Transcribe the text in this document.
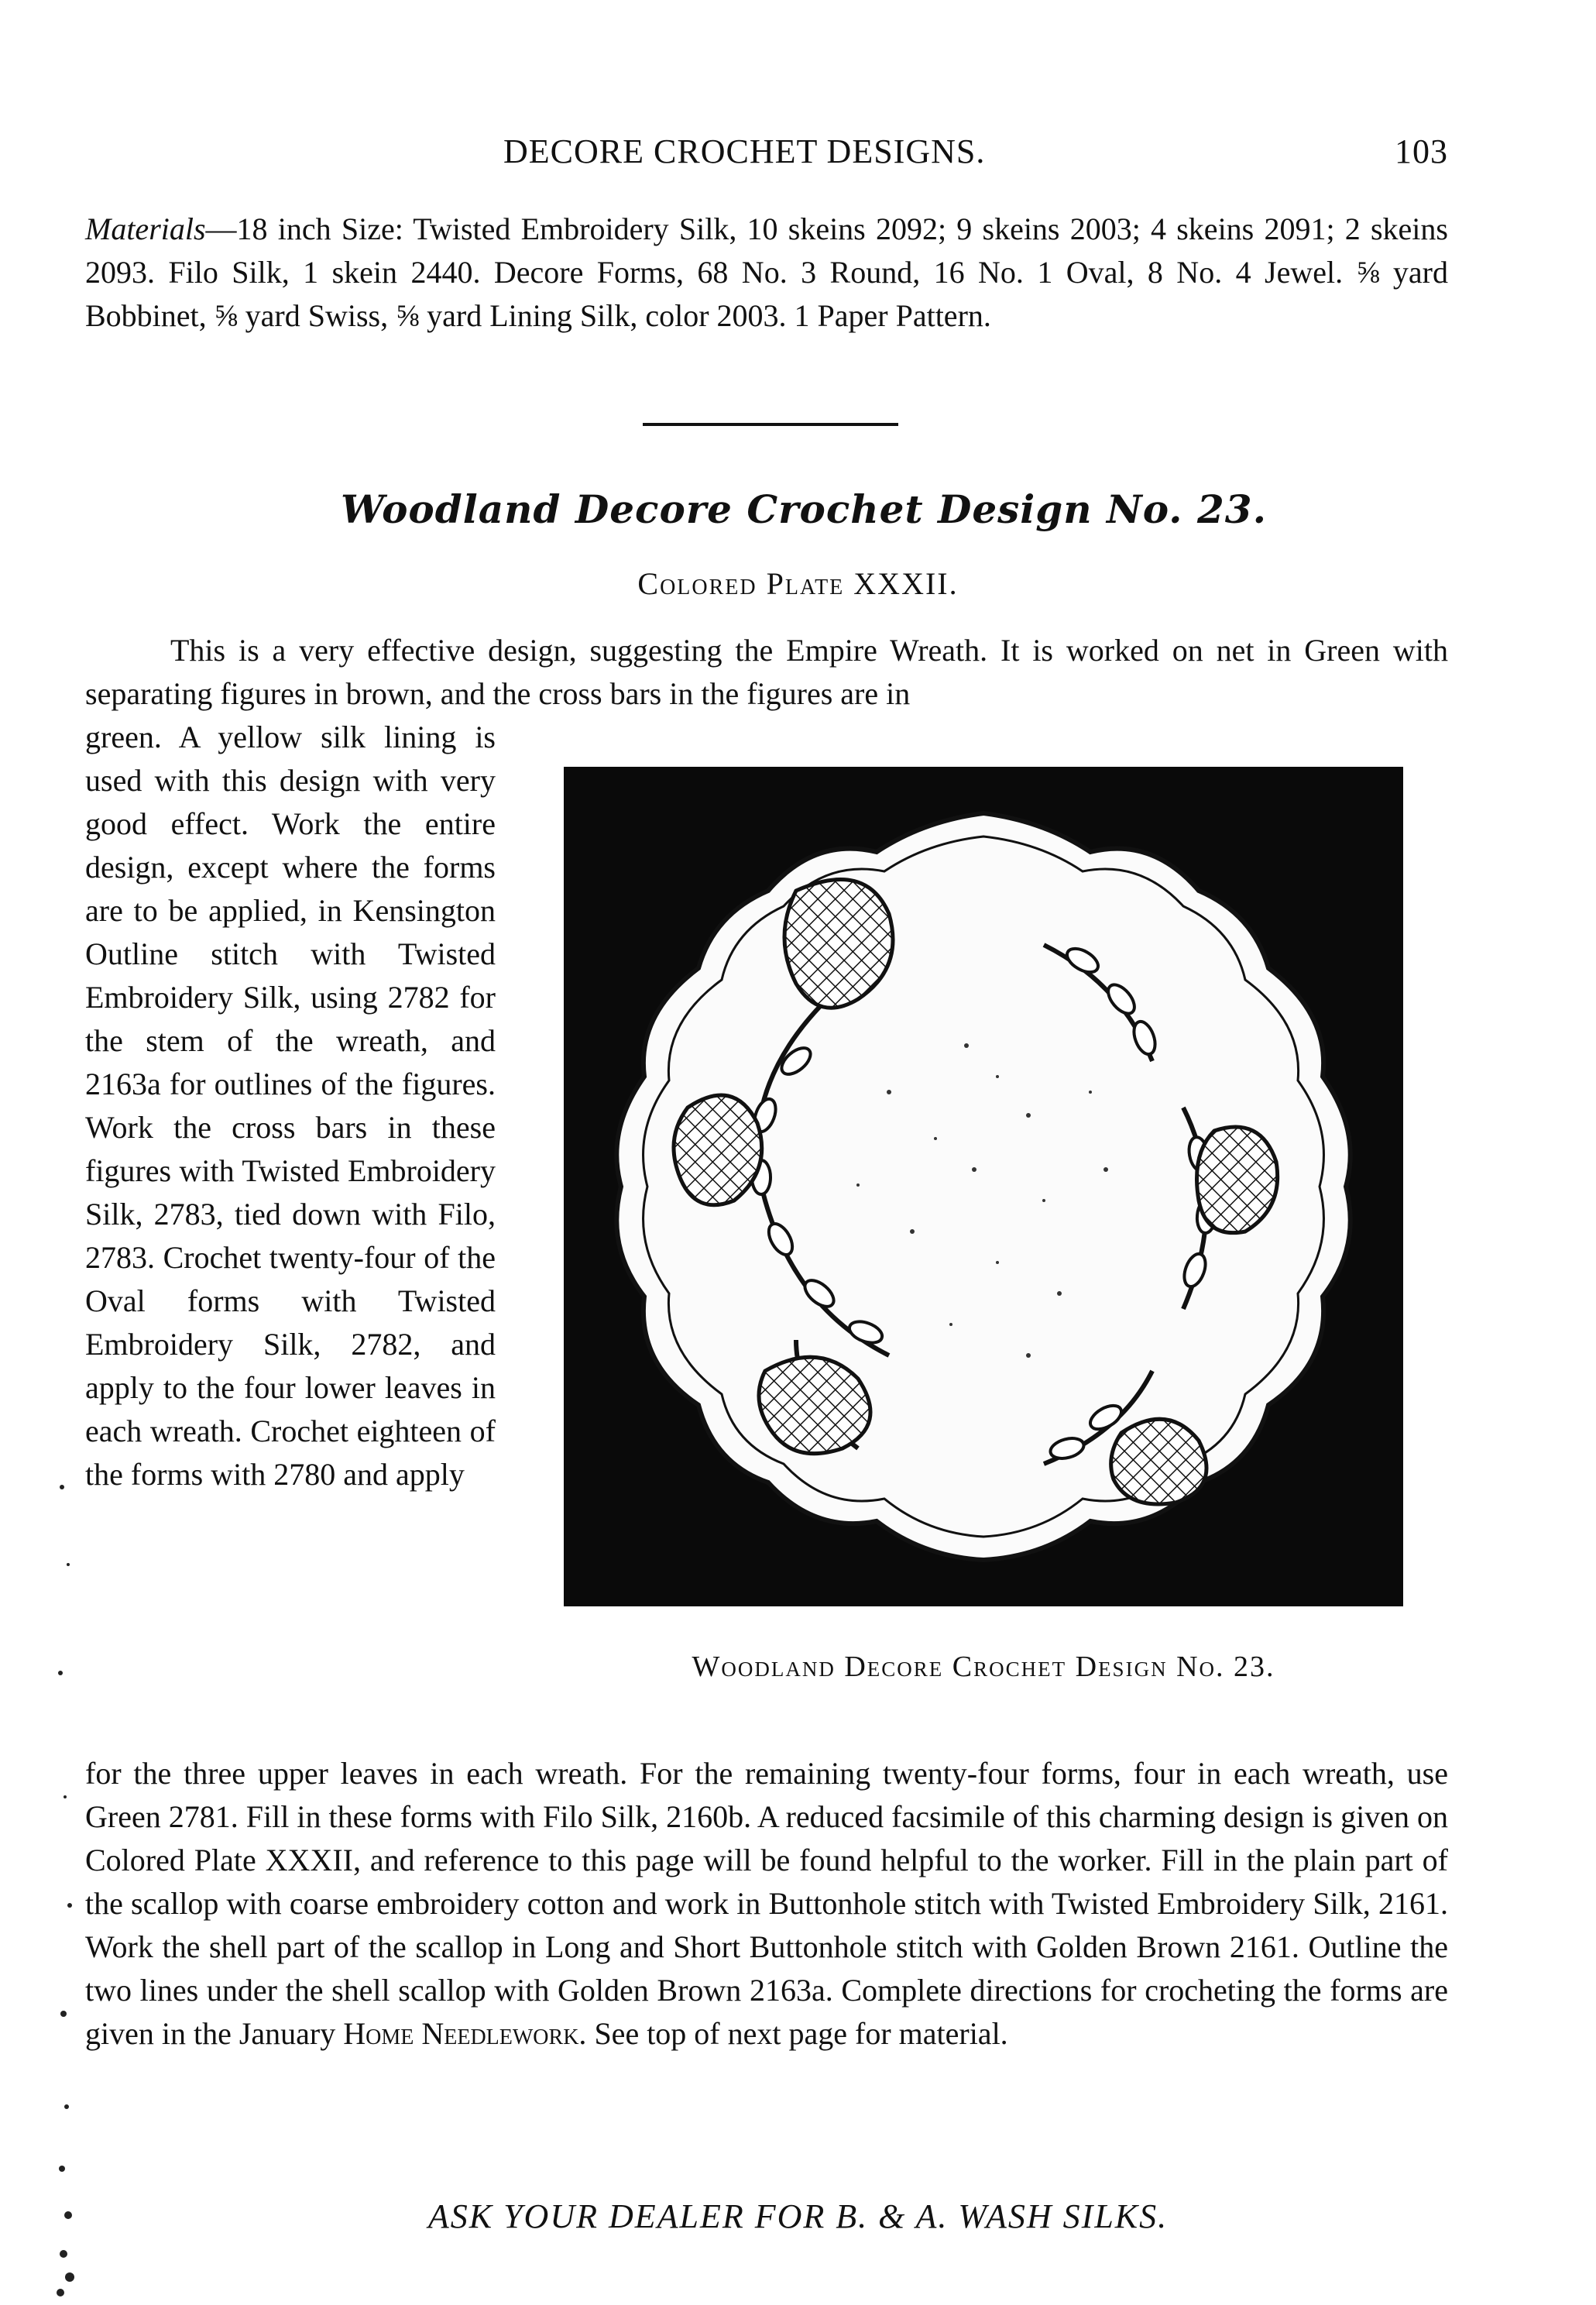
DECORE CROCHET DESIGNS.	103
Materials—18 inch Size: Twisted Embroidery Silk, 10 skeins 2092; 9 skeins 2003; 4 skeins 2091; 2 skeins 2093. Filo Silk, 1 skein 2440. Decore Forms, 68 No. 3 Round, 16 No. 1 Oval, 8 No. 4 Jewel. ⅝ yard Bobbinet, ⅝ yard Swiss, ⅝ yard Lining Silk, color 2003. 1 Paper Pattern.
Woodland Decore Crochet Design No. 23.
Colored Plate XXXII.

This is a very effective design, suggesting the Empire Wreath. It is worked on net in Green with separating figures in brown, and the cross bars in the figures are in

green. A yellow silk lining is used with this design with very good effect. Work the entire design, except where the forms are to be applied, in Kensington Outline stitch with Twisted Embroidery Silk, using 2782 for the stem of the wreath, and 2163a for outlines of the figures. Work the cross bars in these figures with Twisted Embroidery Silk, 2783, tied down with Filo, 2783. Crochet twenty-four of the Oval forms with Twisted Embroidery Silk, 2782, and apply to the four lower leaves in each wreath. Crochet eighteen of the forms with 2780 and apply
Woodland Decore Crochet Design No. 23.
for the three upper leaves in each wreath. For the remaining twenty-four forms, four in each wreath, use Green 2781. Fill in these forms with Filo Silk, 2160b. A reduced facsimile of this charming design is given on Colored Plate XXXII, and reference to this page will be found helpful to the worker. Fill in the plain part of the scallop with coarse embroidery cotton and work in Buttonhole stitch with Twisted Embroidery Silk, 2161. Work the shell part of the scallop in Long and Short Buttonhole stitch with Golden Brown 2161. Outline the two lines under the shell scallop with Golden Brown 2163a. Complete directions for crocheting the forms are given in the January Home Needlework. See top of next page for material.
ASK YOUR DEALER FOR B. & A. WASH SILKS.
